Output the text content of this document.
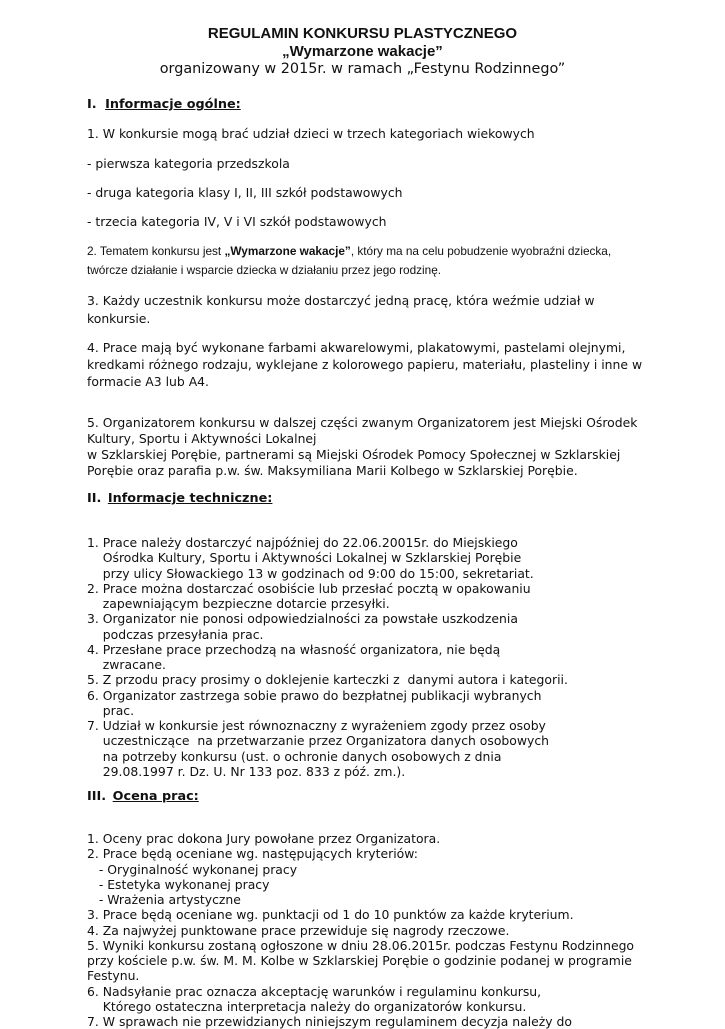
REGULAMIN KONKURSU PLASTYCZNEGO
„Wymarzone wakacje”
organizowany w 2015r. w ramach „Festynu Rodzinnego”
I. Informacje ogólne:
1. W konkursie mogą brać udział dzieci w trzech kategoriach wiekowych
- pierwsza kategoria przedszkola
- druga kategoria klasy I, II, III szkół podstawowych
- trzecia kategoria IV, V i VI szkół podstawowych
2. Tematem konkursu jest „Wymarzone wakacje”, który ma na celu pobudzenie wyobraźni dziecka,
twórcze działanie i wsparcie dziecka w działaniu przez jego rodzinę.
3. Każdy uczestnik konkursu może dostarczyć jedną pracę, która weźmie udział w
konkursie.
4. Prace mają być wykonane farbami akwarelowymi, plakatowymi, pastelami olejnymi,
kredkami różnego rodzaju, wyklejane z kolorowego papieru, materiału, plasteliny i inne w
formacie A3 lub A4.
5. Organizatorem konkursu w dalszej części zwanym Organizatorem jest Miejski Ośrodek
Kultury, Sportu i Aktywności Lokalnej
w Szklarskiej Porębie, partneramі są Miejski Ośrodek Pomocy Społecznej w Szklarskiej
Porębie oraz parafia p.w. św. Maksymiliana Marii Kolbego w Szklarskiej Porębie.
II. Informacje techniczne:
1. Prace należy dostarczyć najpóźniej do 22.06.20015r. do Miejskiego
Ośrodka Kultury, Sportu i Aktywności Lokalnej w Szklarskiej Porębie
przy ulicy Słowackiego 13 w godzinach od 9:00 do 15:00, sekretariat.
2. Prace można dostarczać osobiście lub przesłać pocztą w opakowaniu
zapewniającym bezpieczne dotarcie przesyłki.
3. Organizator nie ponosi odpowiedzialności za powstałe uszkodzenia
podczas przesyłania prac.
4. Przesłane prace przechodzą na własność organizatora, nie będą
zwracane.
5. Z przodu pracy prosimy o doklejenie karteczki z  danymi autora i kategorii.
6. Organizator zastrzega sobie prawo do bezpłatnej publikacji wybranych
prac.
7. Udział w konkursie jest równoznaczny z wyrażeniem zgody przez osoby
uczestniczące  na przetwarzanie przez Organizatora danych osobowych
na potrzeby konkursu (ust. o ochronie danych osobowych z dnia
29.08.1997 r. Dz. U. Nr 133 poz. 833 z póź. zm.).
III. Ocena prac:
1. Oceny prac dokona Jury powołane przez Organizatora.
2. Prace będą oceniane wg. następujących kryteriów:
- Oryginalność wykonanej pracy
- Estetyka wykonanej pracy
- Wrażenia artystyczne
3. Prace będą oceniane wg. punktacji od 1 do 10 punktów za każde kryterium.
4. Za najwyżej punktowane prace przewiduje się nagrody rzeczowe.
5. Wyniki konkursu zostaną ogłoszone w dniu 28.06.2015r. podczas Festynu Rodzinnego
przy kościele p.w. św. M. M. Kolbe w Szklarskiej Porębie o godzinie podanej w programie
Festynu.
6. Nadsyłanie prac oznacza akceptację warunków i regulaminu konkursu,
Którego ostateczna interpretacja należy do organizatorów konkursu.
7. W sprawach nie przewidzianych niniejszym regulaminem decyzja należy do
